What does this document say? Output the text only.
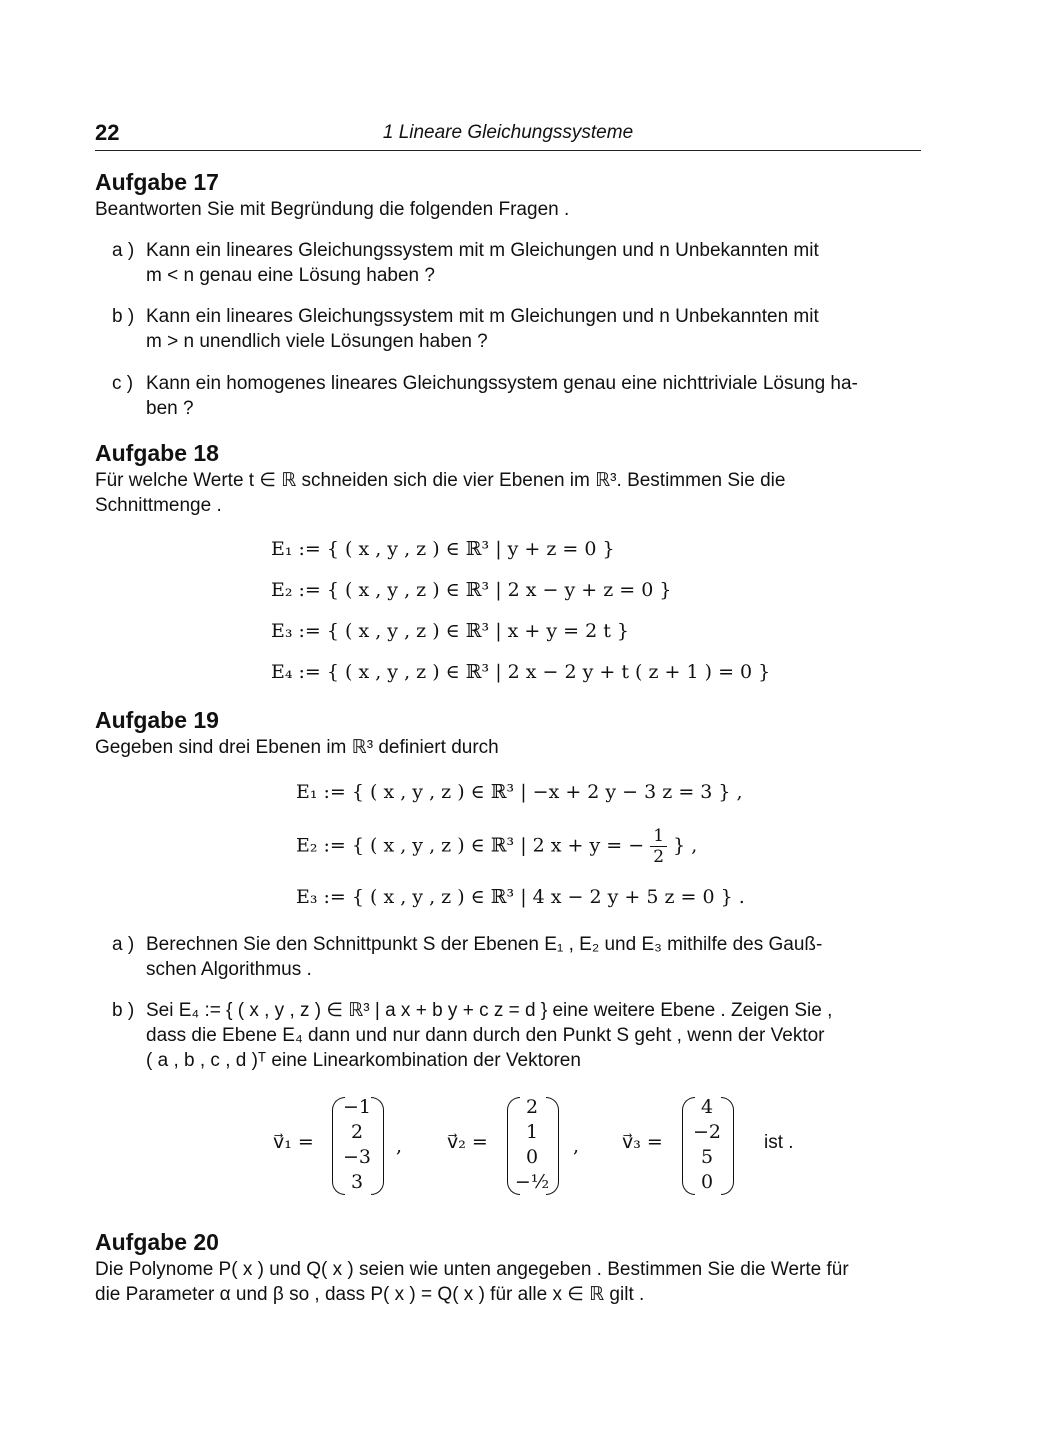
22	1 Lineare Gleichungssysteme
Aufgabe 17
Beantworten Sie mit Begründung die folgenden Fragen .
a ) Kann ein lineares Gleichungssystem mit m Gleichungen und n Unbekannten mit
m < n genau eine Lösung haben ?
b ) Kann ein lineares Gleichungssystem mit m Gleichungen und n Unbekannten mit
m > n unendlich viele Lösungen haben ?
c ) Kann ein homogenes lineares Gleichungssystem genau eine nichttriviale Lösung ha-
ben ?
Aufgabe 18
Für welche Werte t ∈ ℝ schneiden sich die vier Ebenen im ℝ³. Bestimmen Sie die
Schnittmenge .
E₁ := { ( x , y , z ) ∈ ℝ³ | y + z = 0 }
E₂ := { ( x , y , z ) ∈ ℝ³ | 2 x − y + z = 0 }
E₃ := { ( x , y , z ) ∈ ℝ³ | x + y = 2 t }
E₄ := { ( x , y , z ) ∈ ℝ³ | 2 x − 2 y + t ( z + 1 ) = 0 }
Aufgabe 19
Gegeben sind drei Ebenen im ℝ³ definiert durch
E₁ := { ( x , y , z ) ∈ ℝ³ | −x + 2 y − 3 z = 3 } ,
E₂ := { ( x , y , z ) ∈ ℝ³ | 2 x + y = − $\frac{1}{2}$ } ,
E₃ := { ( x , y , z ) ∈ ℝ³ | 4 x − 2 y + 5 z = 0 } .
a ) Berechnen Sie den Schnittpunkt S der Ebenen E₁ , E₂ und E₃ mithilfe des Gauß-
schen Algorithmus .
b ) Sei E₄ := { ( x , y , z ) ∈ ℝ³ | a x + b y + c z = d } eine weitere Ebene . Zeigen Sie ,
dass die Ebene E₄ dann und nur dann durch den Punkt S geht , wenn der Vektor
( a , b , c , d )ᵀ eine Linearkombination der Vektoren
v⃗₁ =
−1
2
−3
3
, v⃗₂ =
2
1
0
−½
, v⃗₃ =
4
−2
5
0
ist .
Aufgabe 20
Die Polynome P( x ) und Q( x ) seien wie unten angegeben . Bestimmen Sie die Werte für
die Parameter α und β so , dass P( x ) = Q( x ) für alle x ∈ ℝ gilt .
